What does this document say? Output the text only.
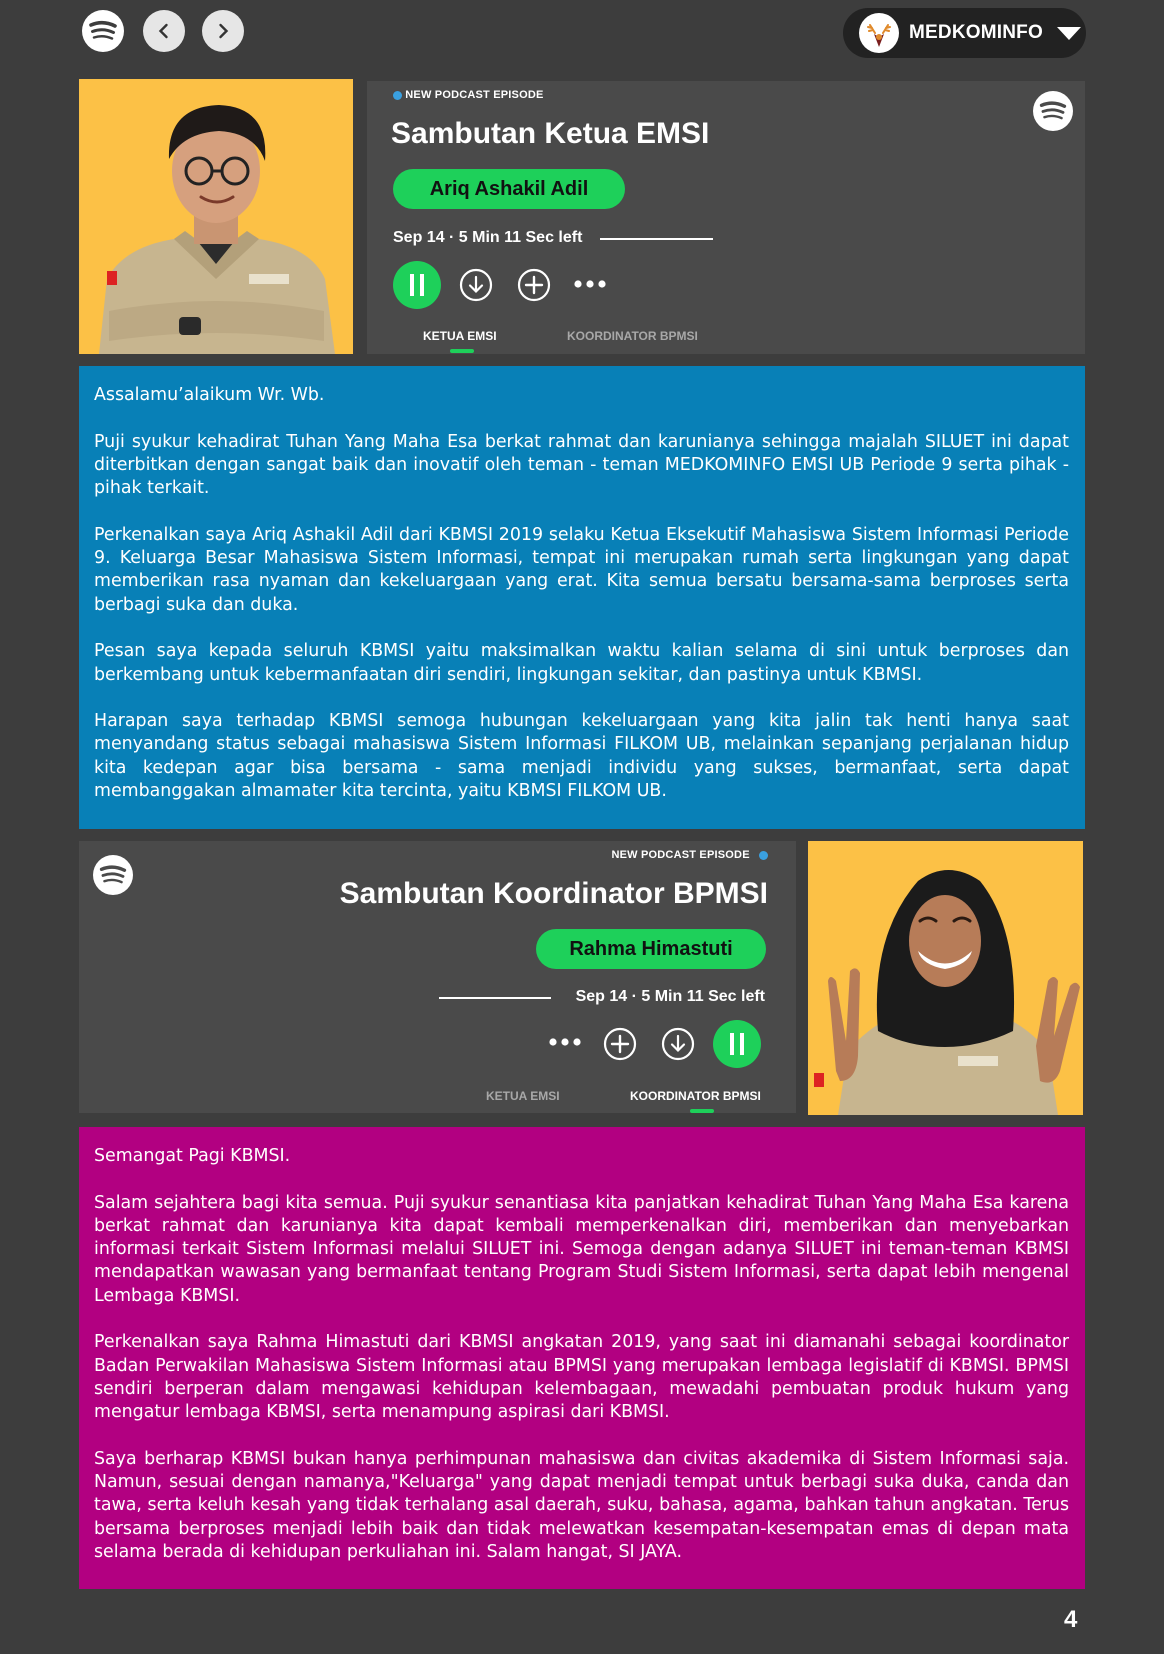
MEDKOMINFO
NEW PODCAST EPISODE
Sambutan Ketua EMSI
Ariq Ashakil Adil
Sep 14 · 5 Min 11 Sec left
KETUA EMSI	KOORDINATOR BPMSI

Assalamu’alaikum Wr. Wb.

Puji syukur kehadirat Tuhan Yang Maha Esa berkat rahmat dan karunianya sehingga majalah SILUET ini dapat diterbitkan dengan sangat baik dan inovatif oleh teman - teman MEDKOMINFO EMSI UB Periode 9 serta pihak - pihak terkait.

Perkenalkan saya Ariq Ashakil Adil dari KBMSI 2019 selaku Ketua Eksekutif Mahasiswa Sistem Informasi Periode 9. Keluarga Besar Mahasiswa Sistem Informasi, tempat ini merupakan rumah serta lingkungan yang dapat memberikan rasa nyaman dan kekeluargaan yang erat. Kita semua bersatu bersama-sama berproses serta berbagi suka dan duka.

Pesan saya kepada seluruh KBMSI yaitu maksimalkan waktu kalian selama di sini untuk berproses dan berkembang untuk kebermanfaatan diri sendiri, lingkungan sekitar, dan pastinya untuk KBMSI.

Harapan saya terhadap KBMSI semoga hubungan kekeluargaan yang kita jalin tak henti hanya saat menyandang status sebagai mahasiswa Sistem Informasi FILKOM UB, melainkan sepanjang perjalanan hidup kita kedepan agar bisa bersama - sama menjadi individu yang sukses, bermanfaat, serta dapat membanggakan almamater kita tercinta, yaitu KBMSI FILKOM UB.

NEW PODCAST EPISODE
Sambutan Koordinator BPMSI
Rahma Himastuti
Sep 14 · 5 Min 11 Sec left
KETUA EMSI	KOORDINATOR BPMSI

Semangat Pagi KBMSI.

Salam sejahtera bagi kita semua. Puji syukur senantiasa kita panjatkan kehadirat Tuhan Yang Maha Esa karena berkat rahmat dan karunianya kita dapat kembali memperkenalkan diri, memberikan dan menyebarkan informasi terkait Sistem Informasi melalui SILUET ini. Semoga dengan adanya SILUET ini teman-teman KBMSI mendapatkan wawasan yang bermanfaat tentang Program Studi Sistem Informasi, serta dapat lebih mengenal Lembaga KBMSI.

Perkenalkan saya Rahma Himastuti dari KBMSI angkatan 2019, yang saat ini diamanahi sebagai koordinator Badan Perwakilan Mahasiswa Sistem Informasi atau BPMSI yang merupakan lembaga legislatif di KBMSI. BPMSI sendiri berperan dalam mengawasi kehidupan kelembagaan, mewadahi pembuatan produk hukum yang mengatur lembaga KBMSI, serta menampung aspirasi dari KBMSI.

Saya berharap KBMSI bukan hanya perhimpunan mahasiswa dan civitas akademika di Sistem Informasi saja. Namun, sesuai dengan namanya,"Keluarga" yang dapat menjadi tempat untuk berbagi suka duka, canda dan tawa, serta keluh kesah yang tidak terhalang asal daerah, suku, bahasa, agama, bahkan tahun angkatan. Terus bersama berproses menjadi lebih baik dan tidak melewatkan kesempatan-kesempatan emas di depan mata selama berada di kehidupan perkuliahan ini. Salam hangat, SI JAYA.

4
